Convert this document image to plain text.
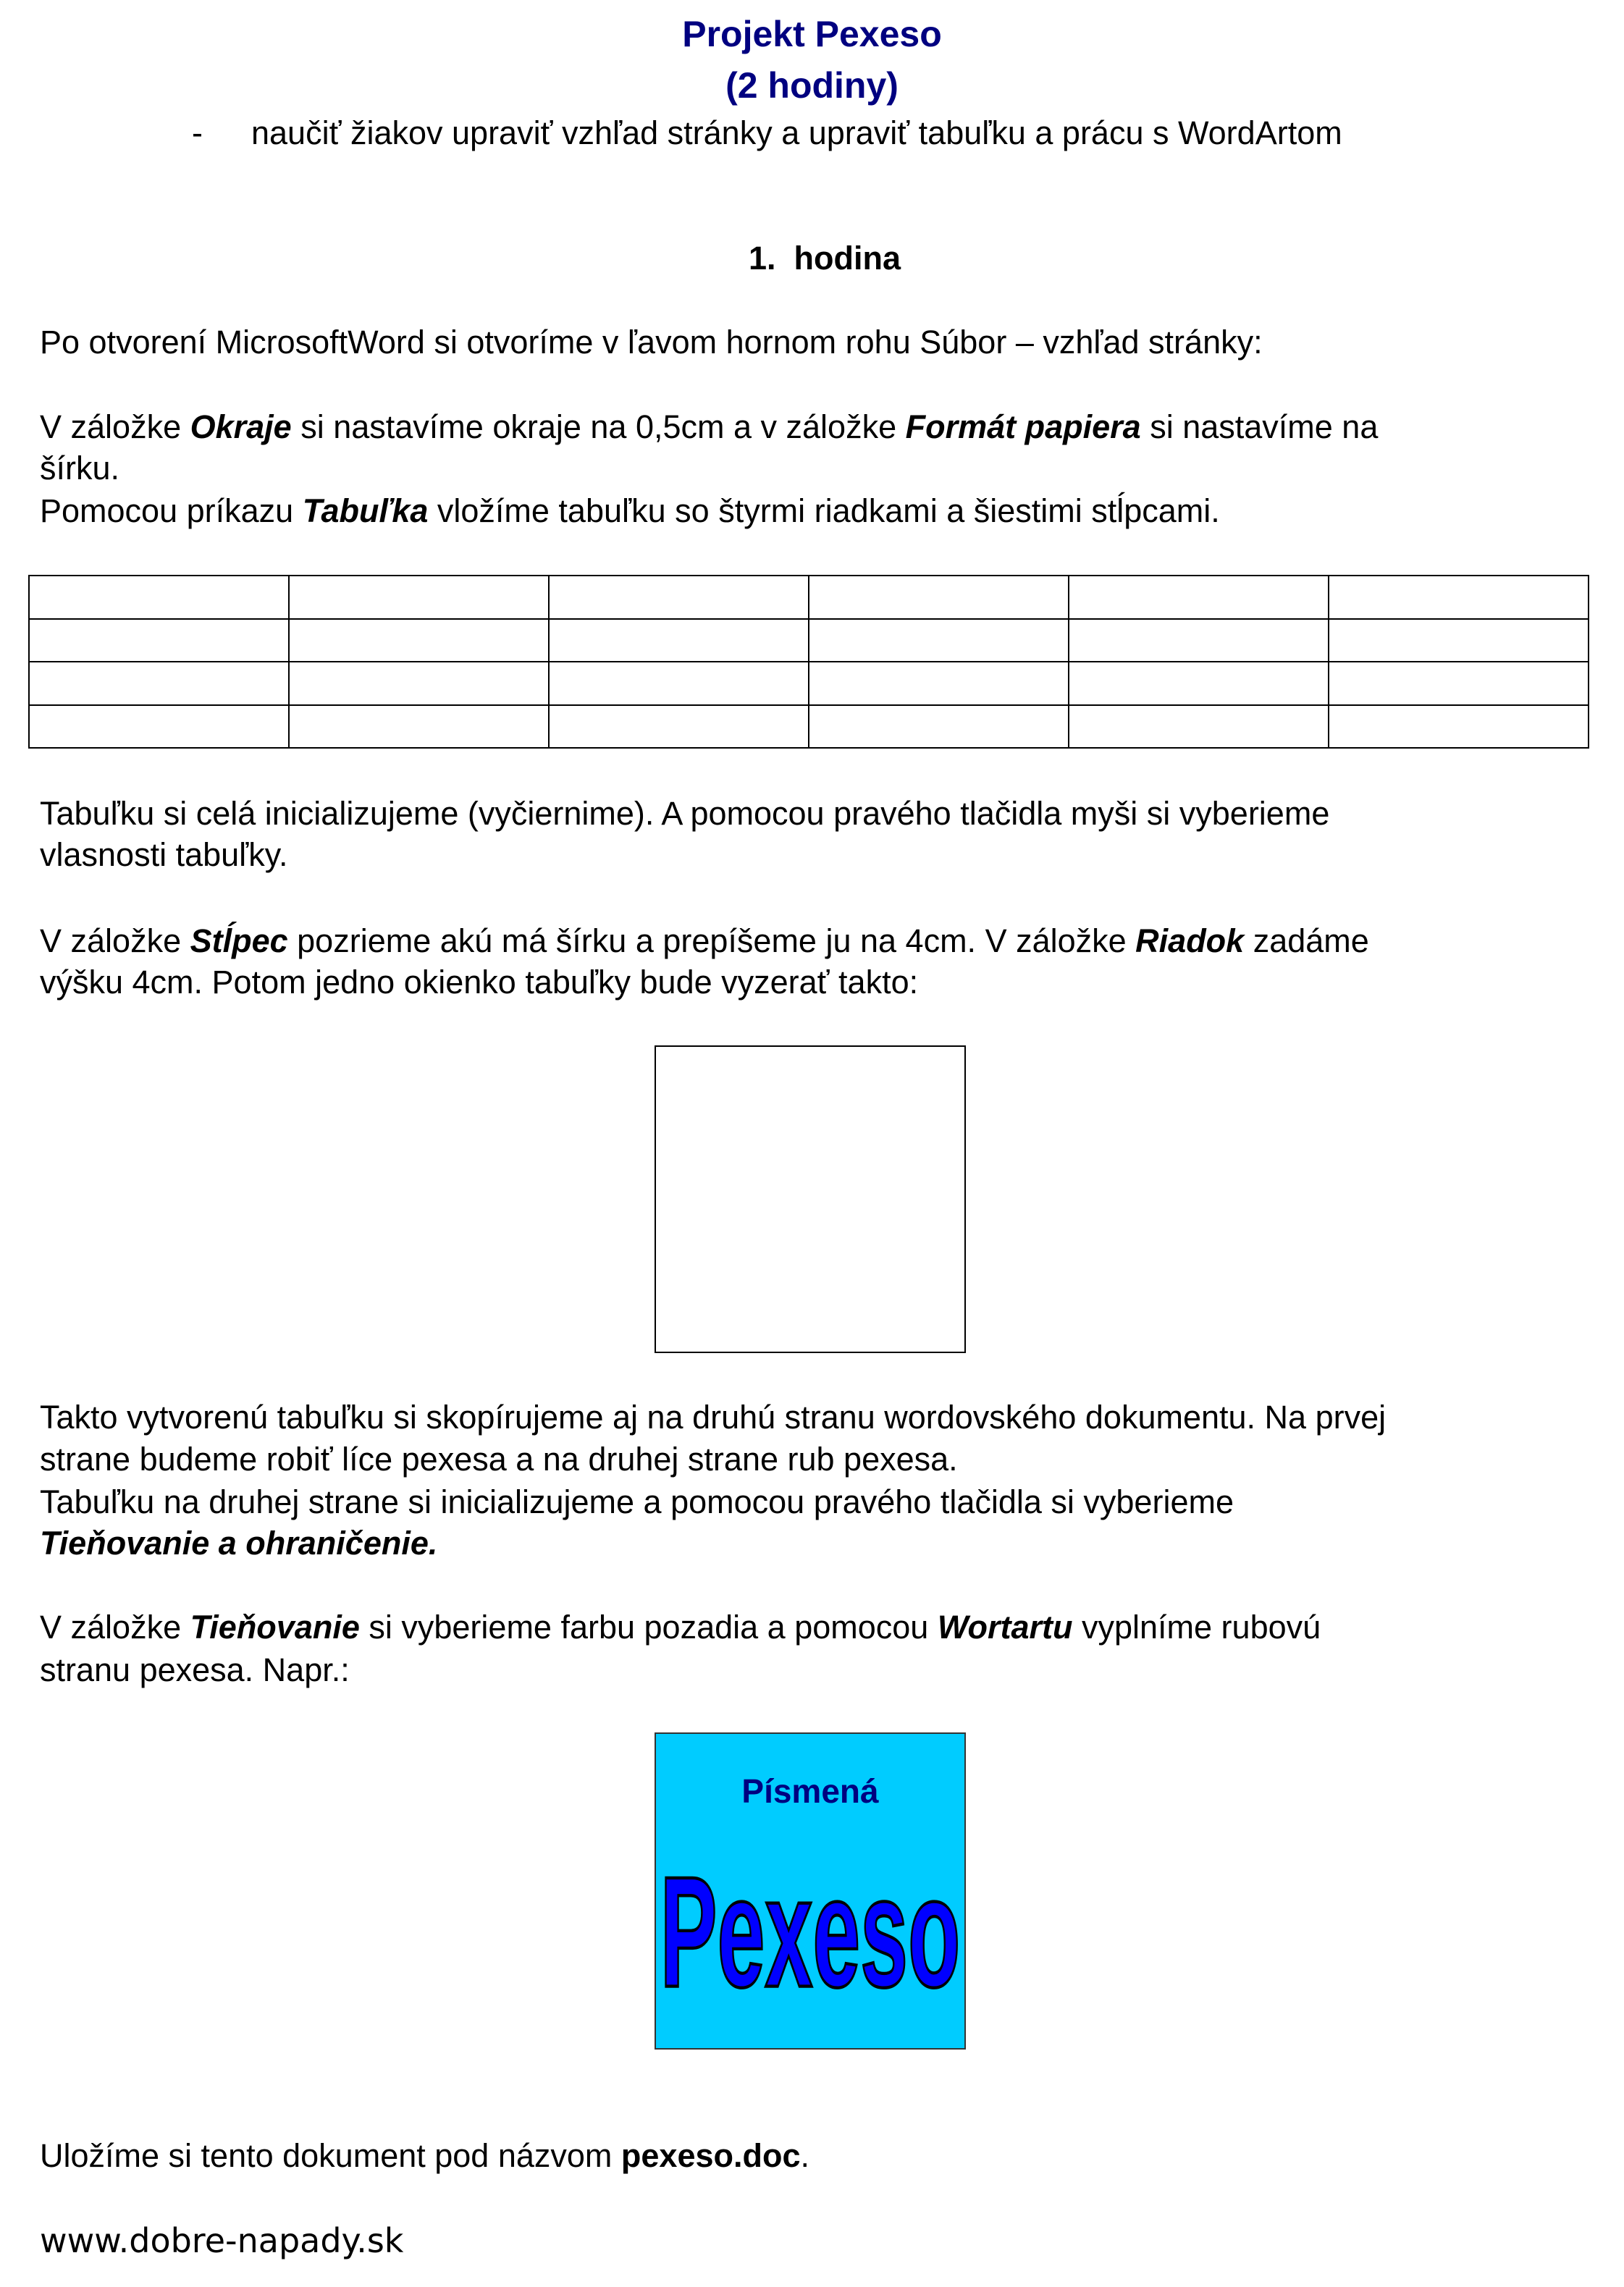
Projekt Pexeso
(2 hodiny)
- naučiť žiakov upraviť vzhľad stránky a upraviť tabuľku a prácu s WordArtom
1. hodina
Po otvorení MicrosoftWord si otvoríme v ľavom hornom rohu Súbor – vzhľad stránky:
V záložke Okraje si nastavíme okraje na 0,5cm a v záložke Formát papiera si nastavíme na
šírku.
Pomocou príkazu Tabuľka vložíme tabuľku so štyrmi riadkami a šiestimi stĺpcami.

Tabuľku si celá inicializujeme (vyčiernime). A pomocou pravého tlačidla myši si vyberieme
vlasnosti tabuľky.
V záložke Stĺpec pozrieme akú má šírku a prepíšeme ju na 4cm. V záložke Riadok zadáme
výšku 4cm. Potom jedno okienko tabuľky bude vyzerať takto:
Takto vytvorenú tabuľku si skopírujeme aj na druhú stranu wordovského dokumentu. Na prvej
strane budeme robiť líce pexesa a na druhej strane rub pexesa.
Tabuľku na druhej strane si inicializujeme a pomocou pravého tlačidla si vyberieme
Tieňovanie a ohraničenie.
V záložke Tieňovanie si vyberieme farbu pozadia a pomocou Wortartu vyplníme rubovú
stranu pexesa. Napr.:
Písmená
Pexeso
Uložíme si tento dokument pod názvom pexeso.doc.
www.dobre-napady.sk
